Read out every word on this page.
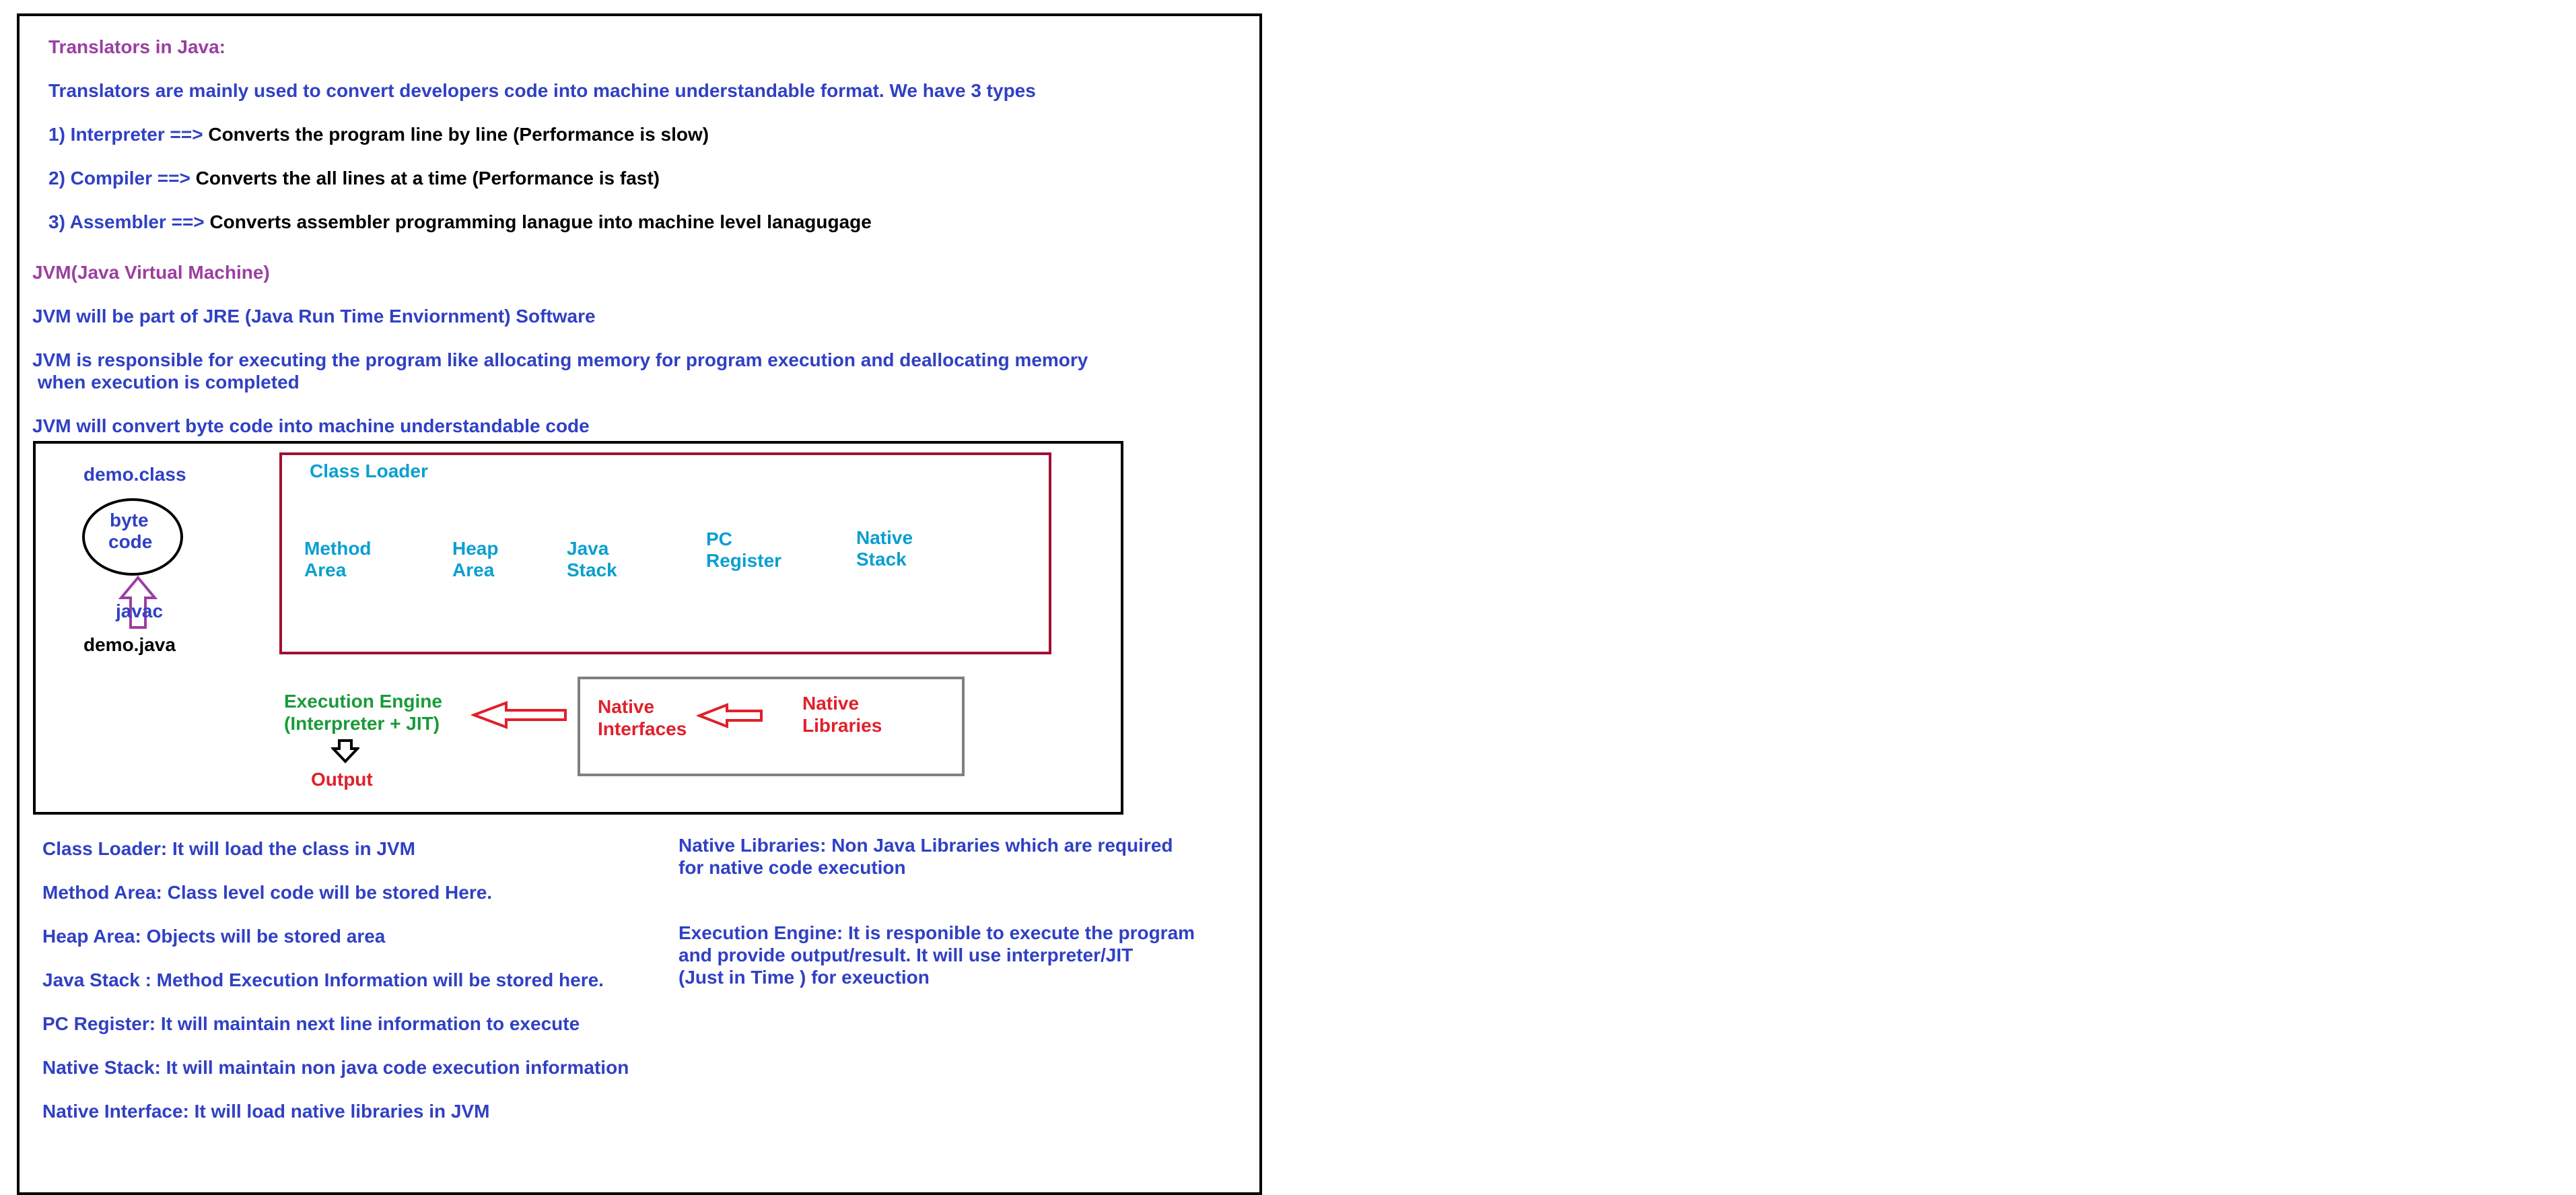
Translators in Java:
Translators are mainly used to convert developers code into machine understandable format. We have 3 types
1) Interpreter ==> Converts the program line by line (Performance is slow)
2) Compiler ==> Converts the all lines at a time (Performance is fast)
3) Assembler ==> Converts assembler programming lanague into machine level lanagugage
JVM(Java Virtual Machine)
JVM will be part of JRE (Java Run Time Enviornment) Software
JVM is responsible for executing the program like allocating memory for program execution and deallocating memory
when execution is completed
JVM will convert byte code into machine understandable code
demo.class
byte
code
javac
demo.java
Class Loader
Method
Area
Heap
Area
Java
Stack
PC
Register
Native
Stack
Execution Engine
(Interpreter + JIT)
Output
Native
Interfaces
Native
Libraries
Class Loader: It will load the class in JVM
Method Area: Class level code will be stored Here.
Heap Area: Objects will be stored area
Java Stack : Method Execution Information will be stored here.
PC Register: It will maintain next line information to execute
Native Stack: It will maintain non java code execution information
Native Interface: It will load native libraries in JVM
Native Libraries: Non Java Libraries which are required
for native code execution
Execution Engine: It is responible to execute the program
and provide output/result. It will use interpreter/JIT
(Just in Time ) for exeuction
